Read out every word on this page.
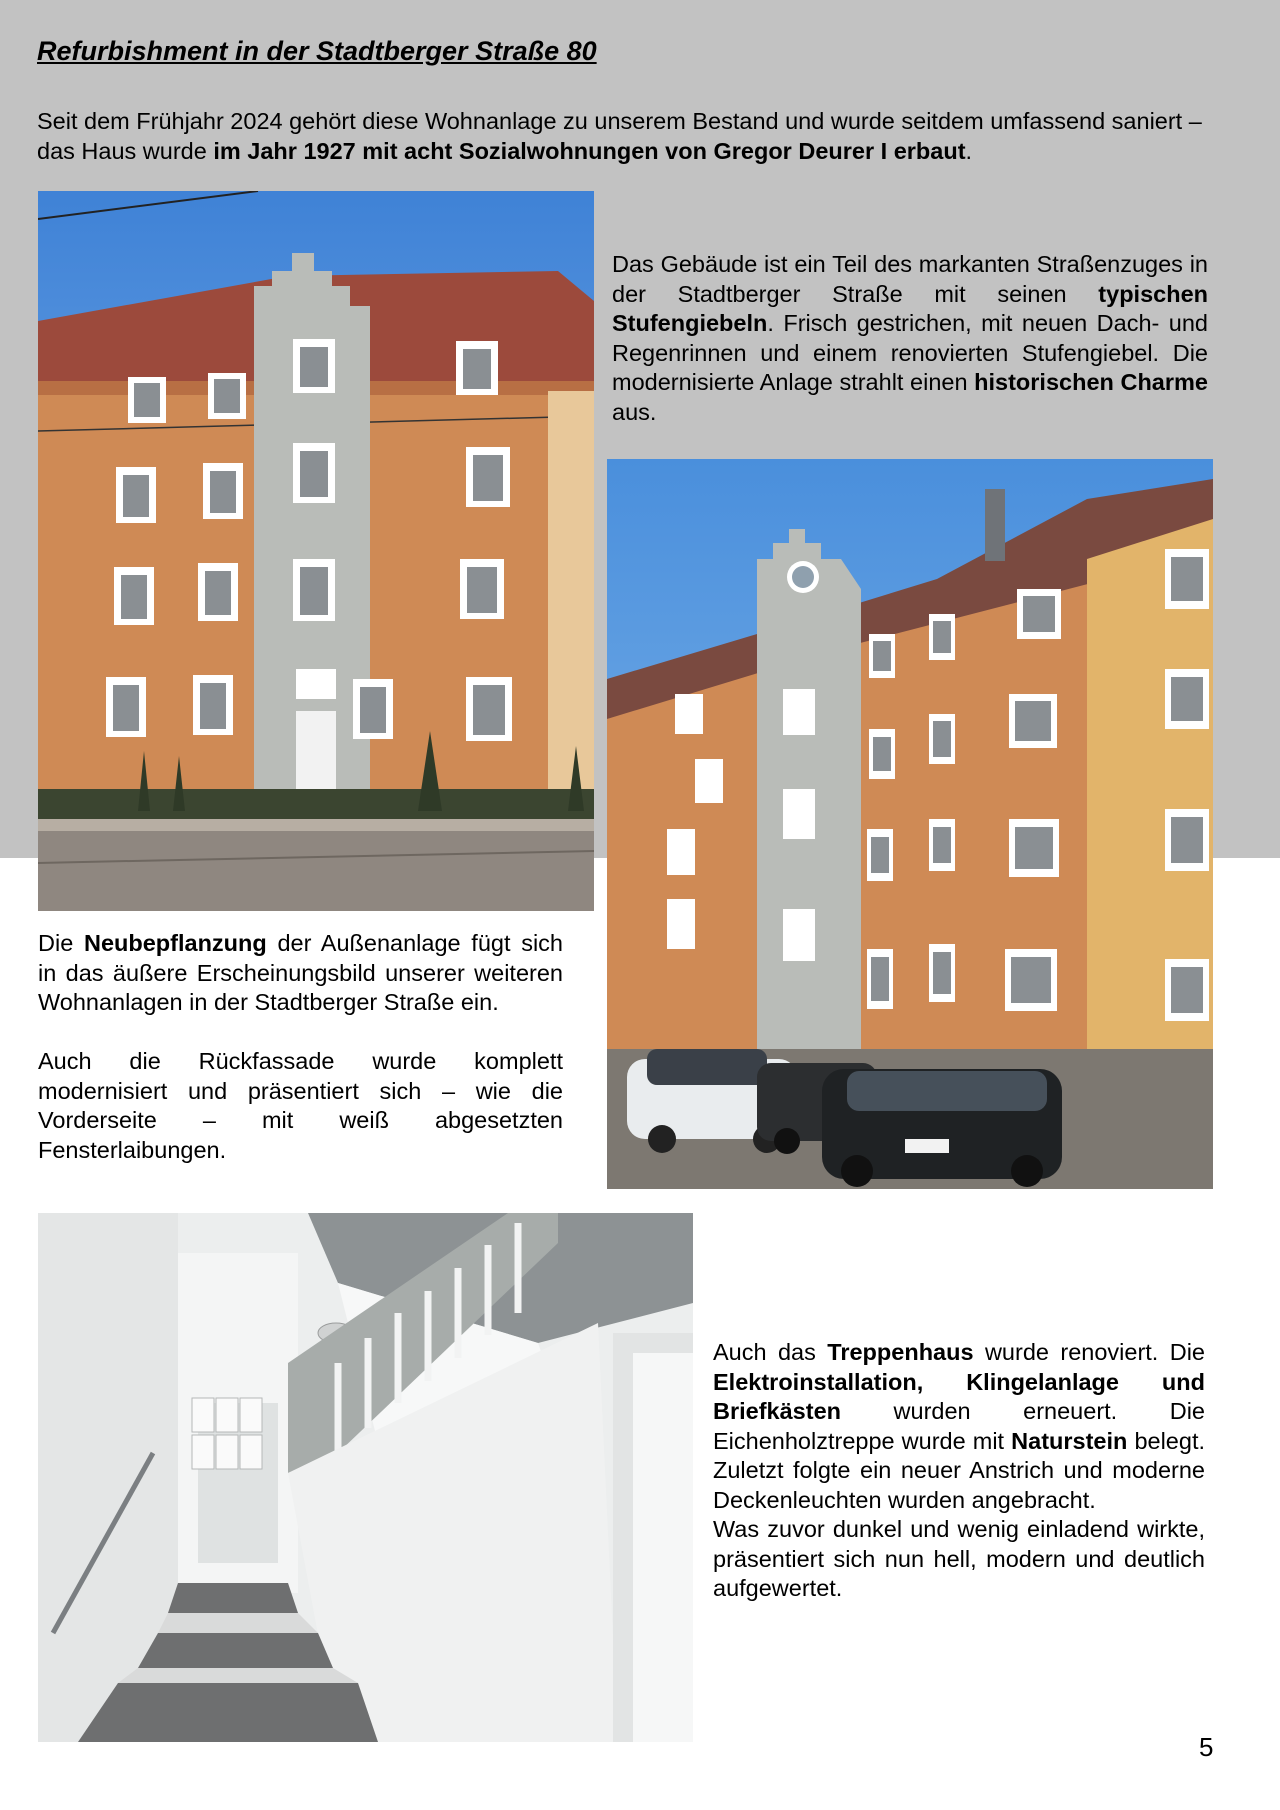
Refurbishment in der Stadtberger Straße 80

Seit dem Frühjahr 2024 gehört diese Wohnanlage zu unserem Bestand und wurde seitdem umfassend saniert – das Haus wurde im Jahr 1927 mit acht Sozialwohnungen von Gregor Deurer I erbaut.

Das Gebäude ist ein Teil des markanten Straßenzuges in der Stadtberger Straße mit seinen typischen Stufengiebeln. Frisch gestrichen, mit neuen Dach- und Regenrinnen und einem renovierten Stufengiebel. Die modernisierte Anlage strahlt einen historischen Charme aus.

Die Neubepflanzung der Außenanlage fügt sich in das äußere Erscheinungsbild unserer weiteren Wohnanlagen in der Stadtberger Straße ein.

Auch die Rückfassade wurde komplett modernisiert und präsentiert sich – wie die Vorderseite – mit weiß abgesetzten Fensterlaibungen.

Auch das Treppenhaus wurde renoviert. Die Elektroinstallation, Klingelanlage und Briefkästen wurden erneuert. Die Eichenholztreppe wurde mit Naturstein belegt. Zuletzt folgte ein neuer Anstrich und moderne Deckenleuchten wurden angebracht.

Was zuvor dunkel und wenig einladend wirkte, präsentiert sich nun hell, modern und deutlich aufgewertet.

5
